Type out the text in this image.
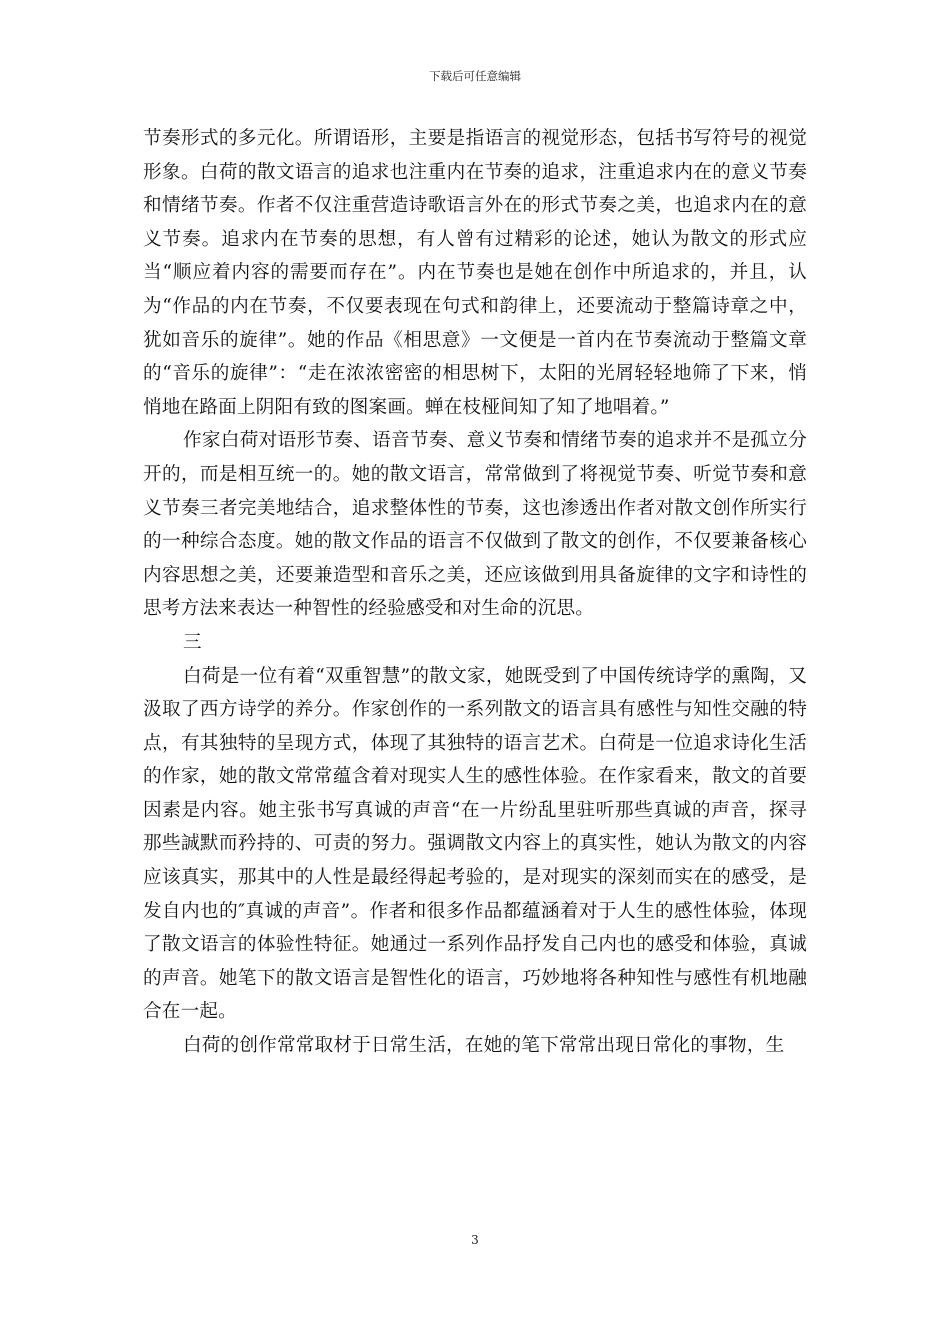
下载后可任意编辑

节奏形式的多元化。所谓语形，主要是指语言的视觉形态，包括书写符号的视觉形象。白荷的散文语言的追求也注重内在节奏的追求，注重追求内在的意义节奏和情绪节奏。作者不仅注重营造诗歌语言外在的形式节奏之美，也追求内在的意义节奏。追求内在节奏的思想，有人曾有过精彩的论述，她认为散文的形式应当“顺应着内容的需要而存在”。内在节奏也是她在创作中所追求的，并且，认为“作品的内在节奏，不仅要表现在句式和韵律上，还要流动于整篇诗章之中，犹如音乐的旋律”。她的作品《相思意》一文便是一首内在节奏流动于整篇文章的“音乐的旋律”：“走在浓浓密密的相思树下，太阳的光屑轻轻地筛了下来，悄悄地在路面上阴阳有致的图案画。蝉在枝桠间知了知了地唱着。”

作家白荷对语形节奏、语音节奏、意义节奏和情绪节奏的追求并不是孤立分开的，而是相互统一的。她的散文语言，常常做到了将视觉节奏、听觉节奏和意义节奏三者完美地结合，追求整体性的节奏，这也渗透出作者对散文创作所实行的一种综合态度。她的散文作品的语言不仅做到了散文的创作，不仅要兼备核心内容思想之美，还要兼造型和音乐之美，还应该做到用具备旋律的文字和诗性的思考方法来表达一种智性的经验感受和对生命的沉思。

三

白荷是一位有着“双重智慧”的散文家，她既受到了中国传统诗学的熏陶，又汲取了西方诗学的养分。作家创作的一系列散文的语言具有感性与知性交融的特点，有其独特的呈现方式，体现了其独特的语言艺术。白荷是一位追求诗化生活的作家，她的散文常常蕴含着对现实人生的感性体验。在作家看来，散文的首要因素是内容。她主张书写真诚的声音“在一片纷乱里驻听那些真诚的声音，探寻那些誠默而矜持的、可责的努力。强调散文内容上的真实性，她认为散文的内容应该真实，那其中的人性是最经得起考验的，是对现实的深刻而实在的感受，是发自内也的″真诚的声音”。作者和很多作品都蕴涵着对于人生的感性体验，体现了散文语言的体验性特征。她通过一系列作品抒发自己内也的感受和体验，真诚的声音。她笔下的散文语言是智性化的语言，巧妙地将各种知性与感性有机地融合在一起。

白荷的创作常常取材于日常生活，在她的笔下常常出现日常化的事物，生

3
